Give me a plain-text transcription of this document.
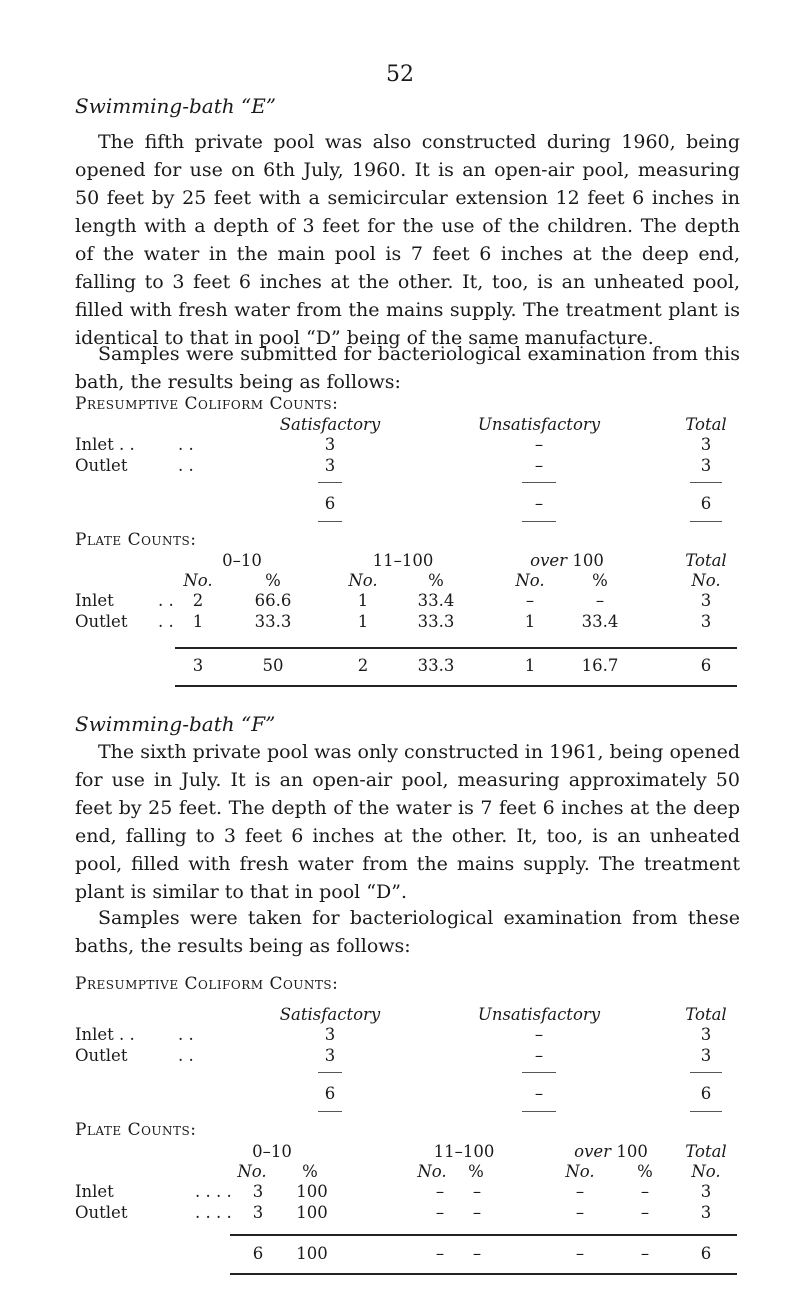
52
Swimming-bath “E”

The fifth private pool was also constructed during 1960, being opened for use on 6th July, 1960. It is an open-air pool, measuring 50 feet by 25 feet with a semicircular extension 12 feet 6 inches in length with a depth of 3 feet for the use of the children. The depth of the water in the main pool is 7 feet 6 inches at the deep end, falling to 3 feet 6 inches at the other. It, too, is an unheated pool, filled with fresh water from the mains supply. The treatment plant is identical to that in pool “D” being of the same manufacture.

Samples were submitted for bacteriological examination from this bath, the results being as follows:

Presumptive Coliform Counts:
Satisfactory	Unsatisfactory	Total
Inlet . .	. .	3	–	3
Outlet	. .	3	–	3
6	–	6
Plate Counts:
0–10	11–100	over 100	Total
No.	%	No.	%	No.	%	No.
Inlet	. . 2	66.6	1	33.4	–	–	3
Outlet . . 1	33.3	1	33.3	1	33.4	3
3	50	2	33.3	1	16.7	6
Swimming-bath “F”

The sixth private pool was only constructed in 1961, being opened for use in July. It is an open-air pool, measuring approximately 50 feet by 25 feet. The depth of the water is 7 feet 6 inches at the deep end, falling to 3 feet 6 inches at the other. It, too, is an unheated pool, filled with fresh water from the mains supply. The treatment plant is similar to that in pool “D”.

Samples were taken for bacteriological examination from these baths, the results being as follows:

Presumptive Coliform Counts:
Satisfactory	Unsatisfactory	Total
Inlet . .	. .	3	–	3
Outlet	. .	3	–	3
6	–	6
Plate Counts:
0–10	11–100	over 100 Total
No. %	No. %	No.	% No.
Inlet	. . . . 3 100	– –	–	–	3
Outlet	. . . . 3 100	– –	–	–	3
6 100	– –	–	–	6
